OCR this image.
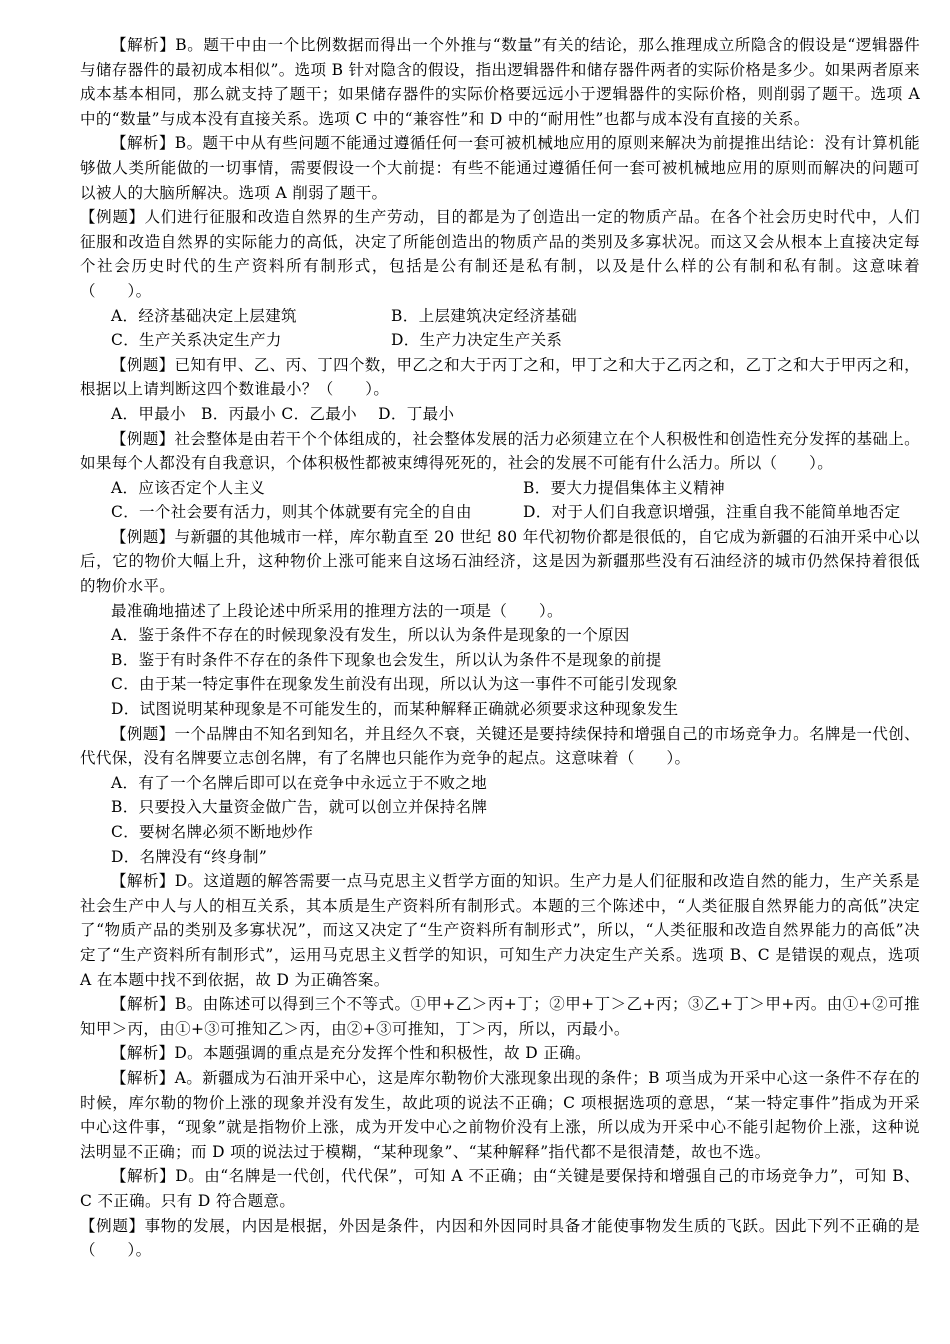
【解析】B。题干中由一个比例数据而得出一个外推与“数量”有关的结论，那么推理成立所隐含的假设是“逻辑器件与储存器件的最初成本相似”。选项 B 针对隐含的假设，指出逻辑器件和储存器件两者的实际价格是多少。如果两者原来成本基本相同，那么就支持了题干；如果储存器件的实际价格要远远小于逻辑器件的实际价格，则削弱了题干。选项 A 中的“数量”与成本没有直接关系。选项 C 中的“兼容性”和 D 中的“耐用性”也都与成本没有直接的关系。

【解析】B。题干中从有些问题不能通过遵循任何一套可被机械地应用的原则来解决为前提推出结论：没有计算机能够做人类所能做的一切事情，需要假设一个大前提：有些不能通过遵循任何一套可被机械地应用的原则而解决的问题可以被人的大脑所解决。选项 A 削弱了题干。

【例题】人们进行征服和改造自然界的生产劳动，目的都是为了创造出一定的物质产品。在各个社会历史时代中，人们征服和改造自然界的实际能力的高低，决定了所能创造出的物质产品的类别及多寡状况。而这又会从根本上直接决定每个社会历史时代的生产资料所有制形式，包括是公有制还是私有制，以及是什么样的公有制和私有制。这意味着（　　）。

A．经济基础决定上层建筑	B．上层建筑决定经济基础
C．生产关系决定生产力	D．生产力决定生产关系

【例题】已知有甲、乙、丙、丁四个数，甲乙之和大于丙丁之和，甲丁之和大于乙丙之和，乙丁之和大于甲丙之和，根据以上请判断这四个数谁最小？（　　）。

A．甲最小 B．丙最小 C．乙最小　 D．丁最小

【例题】社会整体是由若干个个体组成的，社会整体发展的活力必须建立在个人积极性和创造性充分发挥的基础上。如果每个人都没有自我意识，个体积极性都被束缚得死死的，社会的发展不可能有什么活力。所以（　　）。

A．应该否定个人主义	B．要大力提倡集体主义精神
C．一个社会要有活力，则其个体就要有完全的自由	D．对于人们自我意识增强，注重自我不能简单地否定

【例题】与新疆的其他城市一样，库尔勒直至 20 世纪 80 年代初物价都是很低的，自它成为新疆的石油开采中心以后，它的物价大幅上升，这种物价上涨可能来自这场石油经济，这是因为新疆那些没有石油经济的城市仍然保持着很低的物价水平。

最准确地描述了上段论述中所采用的推理方法的一项是（　　）。

A．鉴于条件不存在的时候现象没有发生，所以认为条件是现象的一个原因

B．鉴于有时条件不存在的条件下现象也会发生，所以认为条件不是现象的前提

C．由于某一特定事件在现象发生前没有出现，所以认为这一事件不可能引发现象

D．试图说明某种现象是不可能发生的，而某种解释正确就必须要求这种现象发生

【例题】一个品牌由不知名到知名，并且经久不衰，关键还是要持续保持和增强自己的市场竞争力。名牌是一代创、代代保，没有名牌要立志创名牌，有了名牌也只能作为竞争的起点。这意味着（　　）。

A．有了一个名牌后即可以在竞争中永远立于不败之地

B．只要投入大量资金做广告，就可以创立并保持名牌

C．要树名牌必须不断地炒作

D．名牌没有“终身制”

【解析】D。这道题的解答需要一点马克思主义哲学方面的知识。生产力是人们征服和改造自然的能力，生产关系是社会生产中人与人的相互关系，其本质是生产资料所有制形式。本题的三个陈述中，“人类征服自然界能力的高低”决定了“物质产品的类别及多寡状况”，而这又决定了“生产资料所有制形式”，所以，“人类征服和改造自然界能力的高低”决定了“生产资料所有制形式”，运用马克思主义哲学的知识，可知生产力决定生产关系。选项 B、C 是错误的观点，选项 A 在本题中找不到依据，故 D 为正确答案。

【解析】B。由陈述可以得到三个不等式。①甲+乙＞丙+丁；②甲+丁＞乙+丙；③乙+丁＞甲+丙。由①+②可推知甲＞丙，由①+③可推知乙＞丙，由②+③可推知，丁＞丙，所以，丙最小。

【解析】D。本题强调的重点是充分发挥个性和积极性，故 D 正确。

【解析】A。新疆成为石油开采中心，这是库尔勒物价大涨现象出现的条件；B 项当成为开采中心这一条件不存在的时候，库尔勒的物价上涨的现象并没有发生，故此项的说法不正确；C 项根据选项的意思，“某一特定事件”指成为开采中心这件事，“现象”就是指物价上涨，成为开发中心之前物价没有上涨，所以成为开采中心不能引起物价上涨，这种说法明显不正确；而 D 项的说法过于模糊，“某种现象”、“某种解释”指代都不是很清楚，故也不选。

【解析】D。由“名牌是一代创，代代保”，可知 A 不正确；由“关键是要保持和增强自己的市场竞争力”，可知 B、C 不正确。只有 D 符合题意。

【例题】事物的发展，内因是根据，外因是条件，内因和外因同时具备才能使事物发生质的飞跃。因此下列不正确的是（　　）。
